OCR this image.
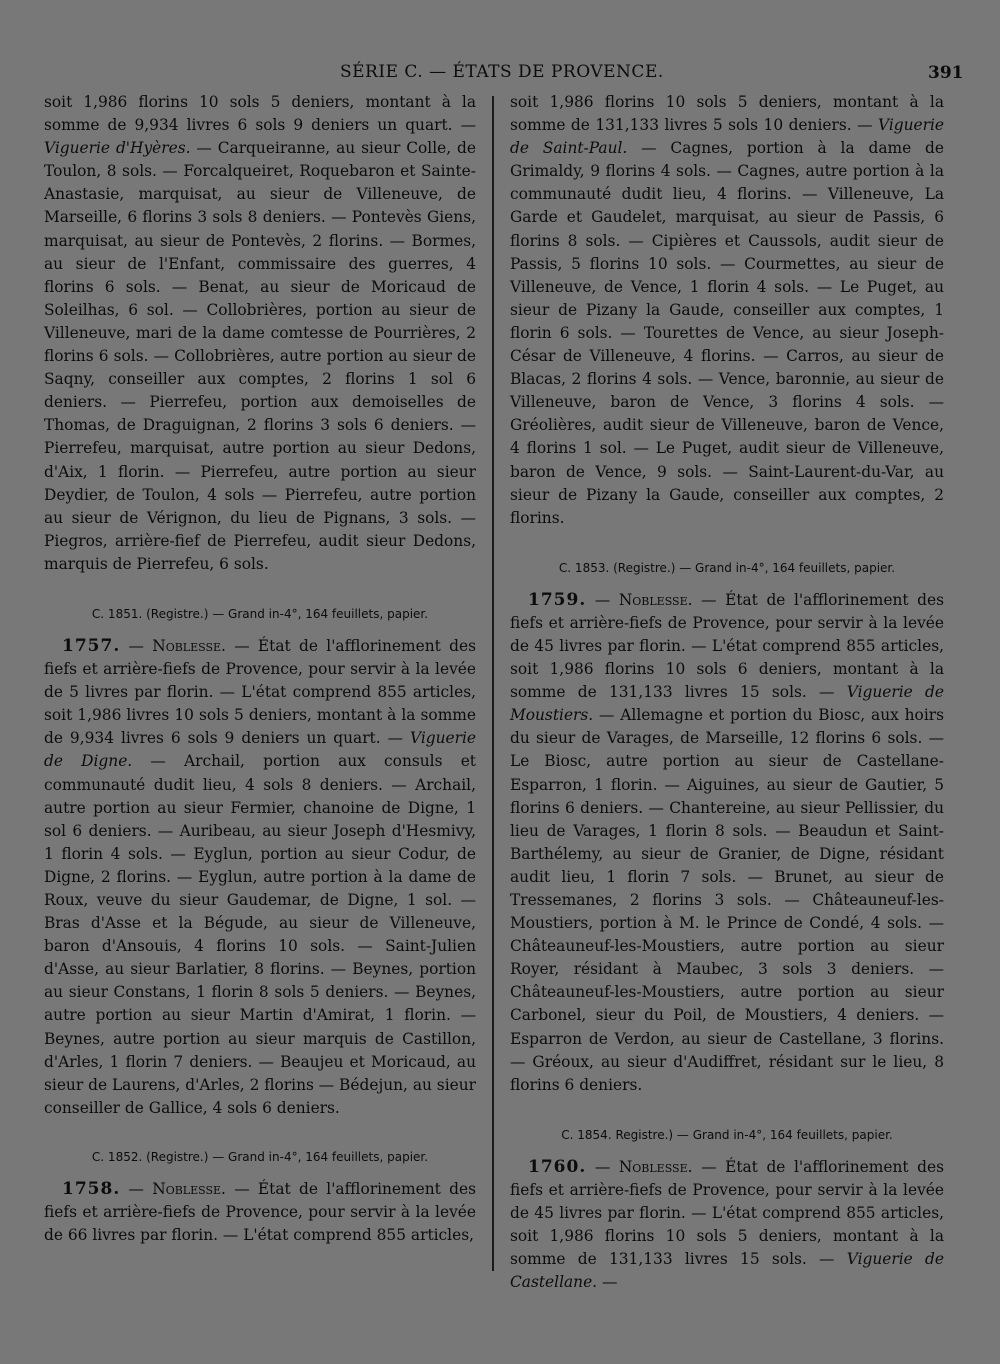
SÉRIE C. — ÉTATS DE PROVENCE.	391

soit 1,986 florins 10 sols 5 deniers, montant à la somme de 9,934 livres 6 sols 9 deniers un quart. — Viguerie d'Hyères. — Carqueiranne, au sieur Colle, de Toulon, 8 sols. — Forcalqueiret, Roquebaron et Sainte-Anastasie, marquisat, au sieur de Villeneuve, de Marseille, 6 florins 3 sols 8 deniers. — Pontevès Giens, marquisat, au sieur de Pontevès, 2 florins. — Bormes, au sieur de l'Enfant, commissaire des guerres, 4 florins 6 sols. — Benat, au sieur de Moricaud de Soleilhas, 6 sol. — Collobrières, portion au sieur de Villeneuve, mari de la dame comtesse de Pourrières, 2 florins 6 sols. — Collobrières, autre portion au sieur de Saqny, conseiller aux comptes, 2 florins 1 sol 6 deniers. — Pierrefeu, portion aux demoiselles de Thomas, de Draguignan, 2 florins 3 sols 6 deniers. — Pierrefeu, marquisat, autre portion au sieur Dedons, d'Aix, 1 florin. — Pierrefeu, autre portion au sieur Deydier, de Toulon, 4 sols — Pierrefeu, autre portion au sieur de Vérignon, du lieu de Pignans, 3 sols. — Piegros, arrière-fief de Pierrefeu, audit sieur Dedons, marquis de Pierrefeu, 6 sols.

C. 1851. (Registre.) — Grand in-4°, 164 feuillets, papier.

1757. — Noblesse. — État de l'afflorinement des fiefs et arrière-fiefs de Provence, pour servir à la levée de 5 livres par florin. — L'état comprend 855 articles, soit 1,986 livres 10 sols 5 deniers, montant à la somme de 9,934 livres 6 sols 9 deniers un quart. — Viguerie de Digne. — Archail, portion aux consuls et communauté dudit lieu, 4 sols 8 deniers. — Archail, autre portion au sieur Fermier, chanoine de Digne, 1 sol 6 deniers. — Auribeau, au sieur Joseph d'Hesmivy, 1 florin 4 sols. — Eyglun, portion au sieur Codur, de Digne, 2 florins. — Eyglun, autre portion à la dame de Roux, veuve du sieur Gaudemar, de Digne, 1 sol. — Bras d'Asse et la Bégude, au sieur de Villeneuve, baron d'Ansouis, 4 florins 10 sols. — Saint-Julien d'Asse, au sieur Barlatier, 8 florins. — Beynes, portion au sieur Constans, 1 florin 8 sols 5 deniers. — Beynes, autre portion au sieur Martin d'Amirat, 1 florin. — Beynes, autre portion au sieur marquis de Castillon, d'Arles, 1 florin 7 deniers. — Beaujeu et Moricaud, au sieur de Laurens, d'Arles, 2 florins — Bédejun, au sieur conseiller de Gallice, 4 sols 6 deniers.

C. 1852. (Registre.) — Grand in-4°, 164 feuillets, papier.

1758. — Noblesse. — État de l'afflorinement des fiefs et arrière-fiefs de Provence, pour servir à la levée de 66 livres par florin. — L'état comprend 855 articles,

soit 1,986 florins 10 sols 5 deniers, montant à la somme de 131,133 livres 5 sols 10 deniers. — Viguerie de Saint-Paul. — Cagnes, portion à la dame de Grimaldy, 9 florins 4 sols. — Cagnes, autre portion à la communauté dudit lieu, 4 florins. — Villeneuve, La Garde et Gaudelet, marquisat, au sieur de Passis, 6 florins 8 sols. — Cipières et Caussols, audit sieur de Passis, 5 florins 10 sols. — Courmettes, au sieur de Villeneuve, de Vence, 1 florin 4 sols. — Le Puget, au sieur de Pizany la Gaude, conseiller aux comptes, 1 florin 6 sols. — Tourettes de Vence, au sieur Joseph-César de Villeneuve, 4 florins. — Carros, au sieur de Blacas, 2 florins 4 sols. — Vence, baronnie, au sieur de Villeneuve, baron de Vence, 3 florins 4 sols. — Gréolières, audit sieur de Villeneuve, baron de Vence, 4 florins 1 sol. — Le Puget, audit sieur de Villeneuve, baron de Vence, 9 sols. — Saint-Laurent-du-Var, au sieur de Pizany la Gaude, conseiller aux comptes, 2 florins.

C. 1853. (Registre.) — Grand in-4°, 164 feuillets, papier.

1759. — Noblesse. — État de l'afflorinement des fiefs et arrière-fiefs de Provence, pour servir à la levée de 45 livres par florin. — L'état comprend 855 articles, soit 1,986 florins 10 sols 6 deniers, montant à la somme de 131,133 livres 15 sols. — Viguerie de Moustiers. — Allemagne et portion du Biosc, aux hoirs du sieur de Varages, de Marseille, 12 florins 6 sols. — Le Biosc, autre portion au sieur de Castellane-Esparron, 1 florin. — Aiguines, au sieur de Gautier, 5 florins 6 deniers. — Chantereine, au sieur Pellissier, du lieu de Varages, 1 florin 8 sols. — Beaudun et Saint-Barthélemy, au sieur de Granier, de Digne, résidant audit lieu, 1 florin 7 sols. — Brunet, au sieur de Tressemanes, 2 florins 3 sols. — Châteauneuf-les-Moustiers, portion à M. le Prince de Condé, 4 sols. — Châteauneuf-les-Moustiers, autre portion au sieur Royer, résidant à Maubec, 3 sols 3 deniers. — Châteauneuf-les-Moustiers, autre portion au sieur Carbonel, sieur du Poil, de Moustiers, 4 deniers. — Esparron de Verdon, au sieur de Castellane, 3 florins. — Gréoux, au sieur d'Audiffret, résidant sur le lieu, 8 florins 6 deniers.

C. 1854. Registre.) — Grand in-4°, 164 feuillets, papier.

1760. — Noblesse. — État de l'afflorinement des fiefs et arrière-fiefs de Provence, pour servir à la levée de 45 livres par florin. — L'état comprend 855 articles, soit 1,986 florins 10 sols 5 deniers, montant à la somme de 131,133 livres 15 sols. — Viguerie de Castellane. —
